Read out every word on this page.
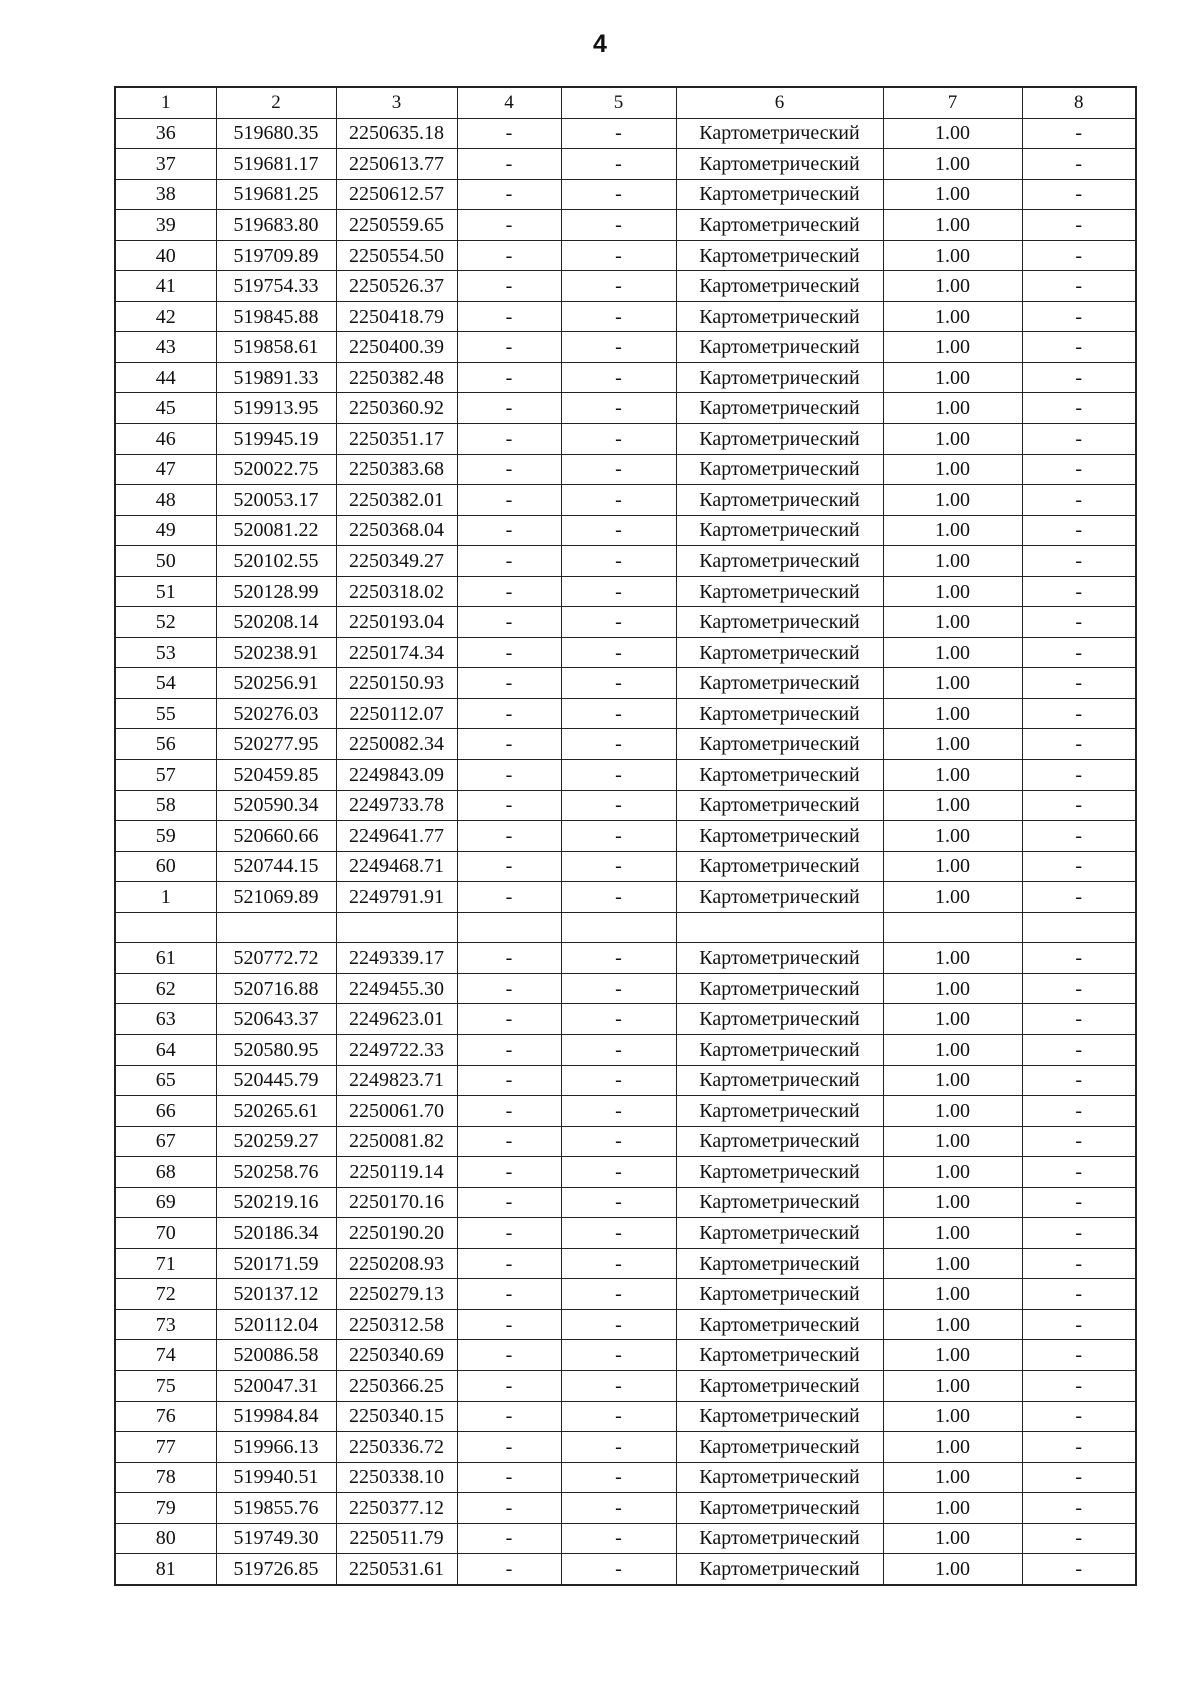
4
1	2	3	4	5	6	7	8
36	519680.35	2250635.18	-	-	Картометрический	1.00	-
37	519681.17	2250613.77	-	-	Картометрический	1.00	-
38	519681.25	2250612.57	-	-	Картометрический	1.00	-
39	519683.80	2250559.65	-	-	Картометрический	1.00	-
40	519709.89	2250554.50	-	-	Картометрический	1.00	-
41	519754.33	2250526.37	-	-	Картометрический	1.00	-
42	519845.88	2250418.79	-	-	Картометрический	1.00	-
43	519858.61	2250400.39	-	-	Картометрический	1.00	-
44	519891.33	2250382.48	-	-	Картометрический	1.00	-
45	519913.95	2250360.92	-	-	Картометрический	1.00	-
46	519945.19	2250351.17	-	-	Картометрический	1.00	-
47	520022.75	2250383.68	-	-	Картометрический	1.00	-
48	520053.17	2250382.01	-	-	Картометрический	1.00	-
49	520081.22	2250368.04	-	-	Картометрический	1.00	-
50	520102.55	2250349.27	-	-	Картометрический	1.00	-
51	520128.99	2250318.02	-	-	Картометрический	1.00	-
52	520208.14	2250193.04	-	-	Картометрический	1.00	-
53	520238.91	2250174.34	-	-	Картометрический	1.00	-
54	520256.91	2250150.93	-	-	Картометрический	1.00	-
55	520276.03	2250112.07	-	-	Картометрический	1.00	-
56	520277.95	2250082.34	-	-	Картометрический	1.00	-
57	520459.85	2249843.09	-	-	Картометрический	1.00	-
58	520590.34	2249733.78	-	-	Картометрический	1.00	-
59	520660.66	2249641.77	-	-	Картометрический	1.00	-
60	520744.15	2249468.71	-	-	Картометрический	1.00	-
1	521069.89	2249791.91	-	-	Картометрический	1.00	-

61	520772.72	2249339.17	-	-	Картометрический	1.00	-
62	520716.88	2249455.30	-	-	Картометрический	1.00	-
63	520643.37	2249623.01	-	-	Картометрический	1.00	-
64	520580.95	2249722.33	-	-	Картометрический	1.00	-
65	520445.79	2249823.71	-	-	Картометрический	1.00	-
66	520265.61	2250061.70	-	-	Картометрический	1.00	-
67	520259.27	2250081.82	-	-	Картометрический	1.00	-
68	520258.76	2250119.14	-	-	Картометрический	1.00	-
69	520219.16	2250170.16	-	-	Картометрический	1.00	-
70	520186.34	2250190.20	-	-	Картометрический	1.00	-
71	520171.59	2250208.93	-	-	Картометрический	1.00	-
72	520137.12	2250279.13	-	-	Картометрический	1.00	-
73	520112.04	2250312.58	-	-	Картометрический	1.00	-
74	520086.58	2250340.69	-	-	Картометрический	1.00	-
75	520047.31	2250366.25	-	-	Картометрический	1.00	-
76	519984.84	2250340.15	-	-	Картометрический	1.00	-
77	519966.13	2250336.72	-	-	Картометрический	1.00	-
78	519940.51	2250338.10	-	-	Картометрический	1.00	-
79	519855.76	2250377.12	-	-	Картометрический	1.00	-
80	519749.30	2250511.79	-	-	Картометрический	1.00	-
81	519726.85	2250531.61	-	-	Картометрический	1.00	-
